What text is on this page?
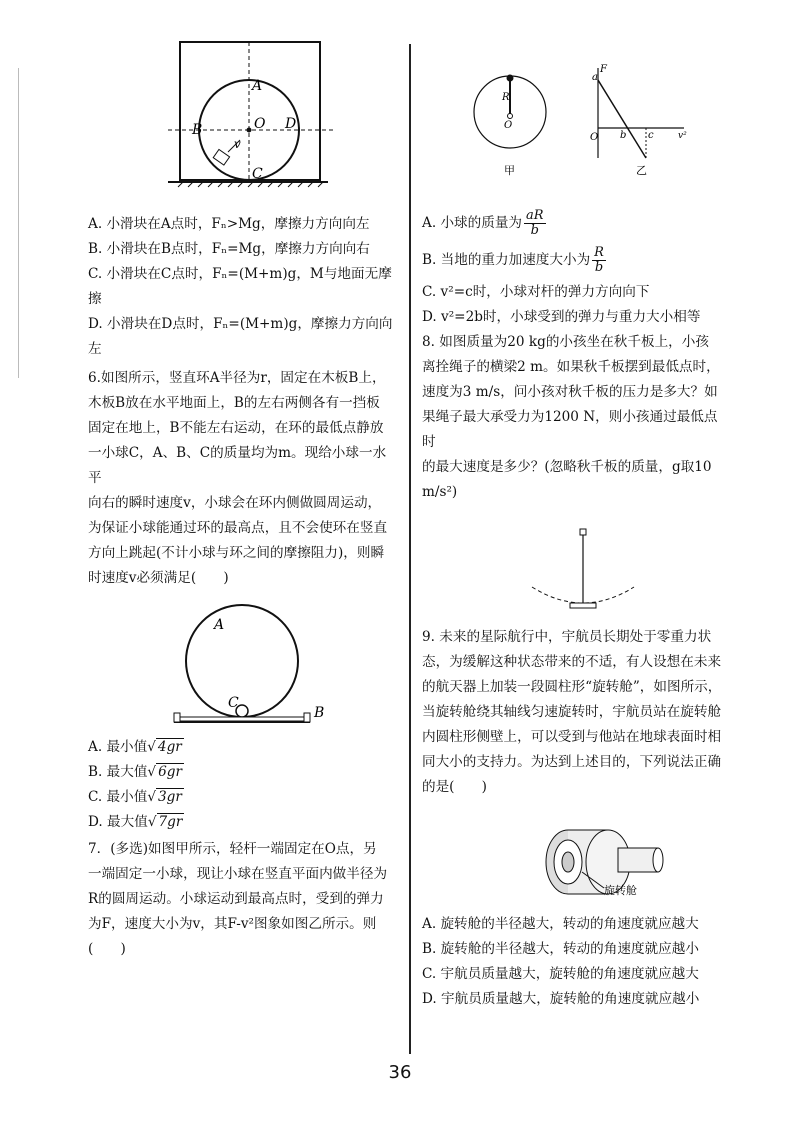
A
B	O D
C
v

A. 小滑块在A点时，Fₙ>Mg，摩擦力方向向左

B. 小滑块在B点时，Fₙ=Mg，摩擦力方向向右

C. 小滑块在C点时，Fₙ=(M+m)g，M与地面无摩

擦

D. 小滑块在D点时，Fₙ=(M+m)g，摩擦力方向向

左

6.如图所示，竖直环A半径为r，固定在木板B上，

木板B放在水平地面上，B的左右两侧各有一挡板

固定在地上，B不能左右运动，在环的最低点静放

一小球C，A、B、C的质量均为m。现给小球一水平

向右的瞬时速度v，小球会在环内侧做圆周运动，

为保证小球能通过环的最高点，且不会使环在竖直

方向上跳起(不计小球与环之间的摩擦阻力)，则瞬

时速度v必须满足(　　)

A
C
B

A. 最小值√ 4gr

B. 最大值√ 6gr

C. 最小值√ 3gr

D. 最大值√ 7gr

7．(多选)如图甲所示，轻杆一端固定在O点，另

一端固定一小球，现让小球在竖直平面内做半径为

R的圆周运动。小球运动到最高点时，受到的弹力

为F，速度大小为v，其F-v²图象如图乙所示。则

(　　)

R
O
甲
a
F
O b c	v²
乙

A. 小球的质量为 $\frac{aR}{b}$

B. 当地的重力加速度大小为 $\frac{R}{b}$

C. v²=c时，小球对杆的弹力方向向下

D. v²=2b时，小球受到的弹力与重力大小相等

8. 如图质量为20 kg的小孩坐在秋千板上，小孩

离拴绳子的横梁2 m。如果秋千板摆到最低点时，

速度为3 m/s，问小孩对秋千板的压力是多大？如

果绳子最大承受力为1200 N，则小孩通过最低点时

的最大速度是多少？(忽略秋千板的质量，g取10

m/s²)

9. 未来的星际航行中，宇航员长期处于零重力状

态，为缓解这种状态带来的不适，有人设想在未来

的航天器上加装一段圆柱形“旋转舱”，如图所示，

当旋转舱绕其轴线匀速旋转时，宇航员站在旋转舱

内圆柱形侧壁上，可以受到与他站在地球表面时相

同大小的支持力。为达到上述目的，下列说法正确

的是(　　)

旋转舱

A. 旋转舱的半径越大，转动的角速度就应越大

B. 旋转舱的半径越大，转动的角速度就应越小

C. 宇航员质量越大，旋转舱的角速度就应越大

D. 宇航员质量越大，旋转舱的角速度就应越小

36
